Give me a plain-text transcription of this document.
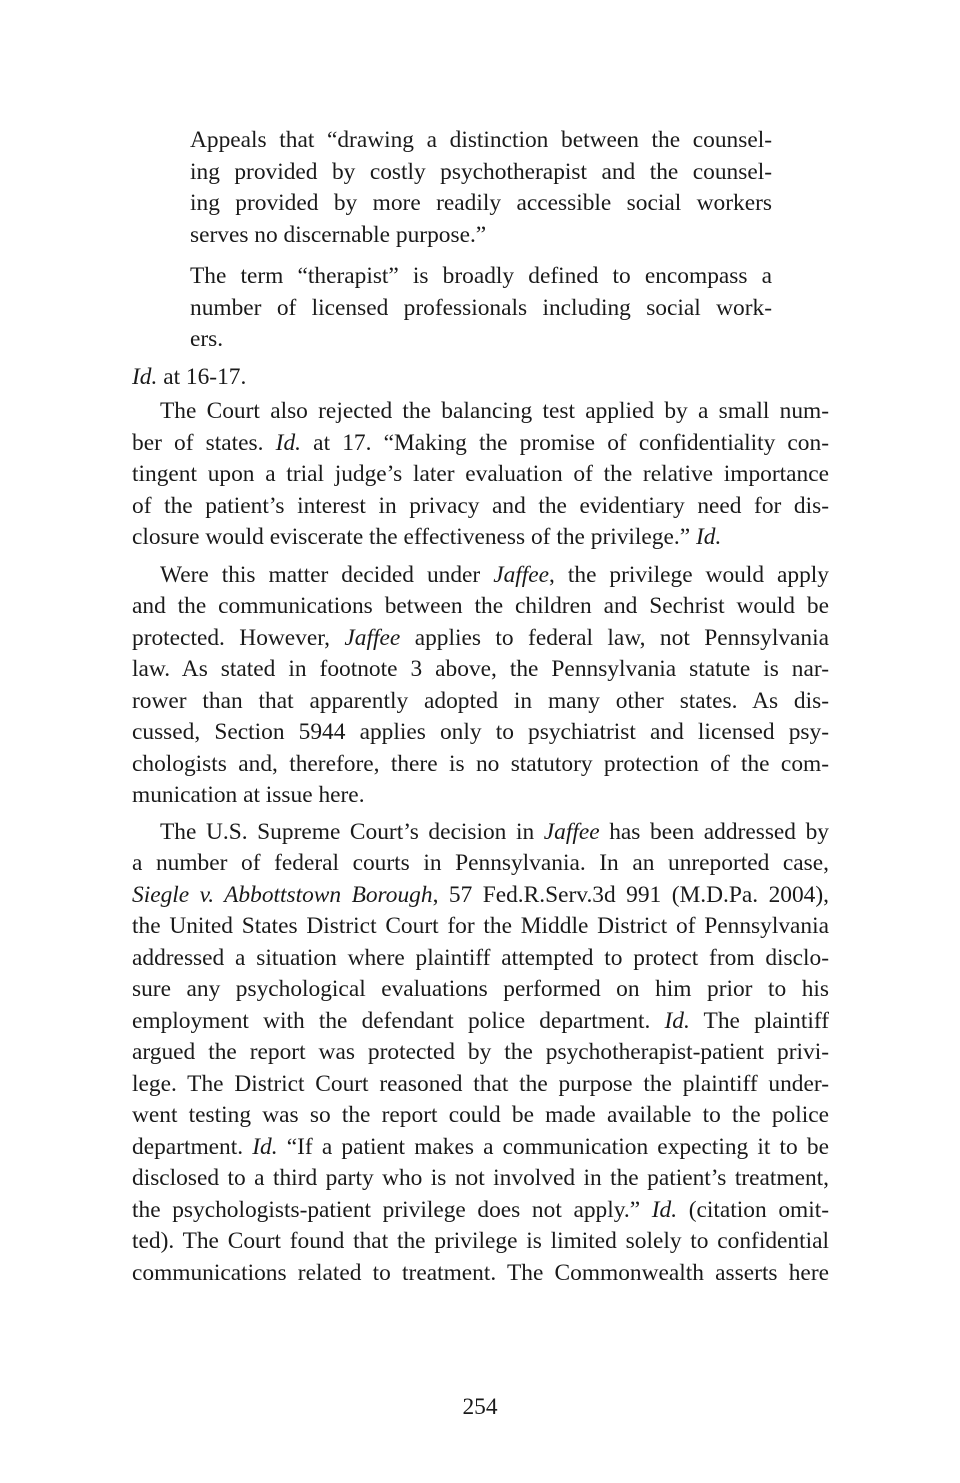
Appeals that “drawing a distinction between the counsel-
ing provided by costly psychotherapist and the counsel-
ing provided by more readily accessible social workers
serves no discernable purpose.”
The term “therapist” is broadly defined to encompass a
number of licensed professionals including social work-
ers.
Id. at 16-17.
The Court also rejected the balancing test applied by a small num-
ber of states. Id. at 17. “Making the promise of confidentiality con-
tingent upon a trial judge’s later evaluation of the relative importance
of the patient’s interest in privacy and the evidentiary need for dis-
closure would eviscerate the effectiveness of the privilege.” Id.
Were this matter decided under Jaffee, the privilege would apply
and the communications between the children and Sechrist would be
protected. However, Jaffee applies to federal law, not Pennsylvania
law. As stated in footnote 3 above, the Pennsylvania statute is nar-
rower than that apparently adopted in many other states. As dis-
cussed, Section 5944 applies only to psychiatrist and licensed psy-
chologists and, therefore, there is no statutory protection of the com-
munication at issue here.
The U.S. Supreme Court’s decision in Jaffee has been addressed by
a number of federal courts in Pennsylvania. In an unreported case,
Siegle v. Abbottstown Borough, 57 Fed.R.Serv.3d 991 (M.D.Pa. 2004),
the United States District Court for the Middle District of Pennsylvania
addressed a situation where plaintiff attempted to protect from disclo-
sure any psychological evaluations performed on him prior to his
employment with the defendant police department. Id. The plaintiff
argued the report was protected by the psychotherapist-patient privi-
lege. The District Court reasoned that the purpose the plaintiff under-
went testing was so the report could be made available to the police
department. Id. “If a patient makes a communication expecting it to be
disclosed to a third party who is not involved in the patient’s treatment,
the psychologists-patient privilege does not apply.” Id. (citation omit-
ted). The Court found that the privilege is limited solely to confidential
communications related to treatment. The Commonwealth asserts here
254
